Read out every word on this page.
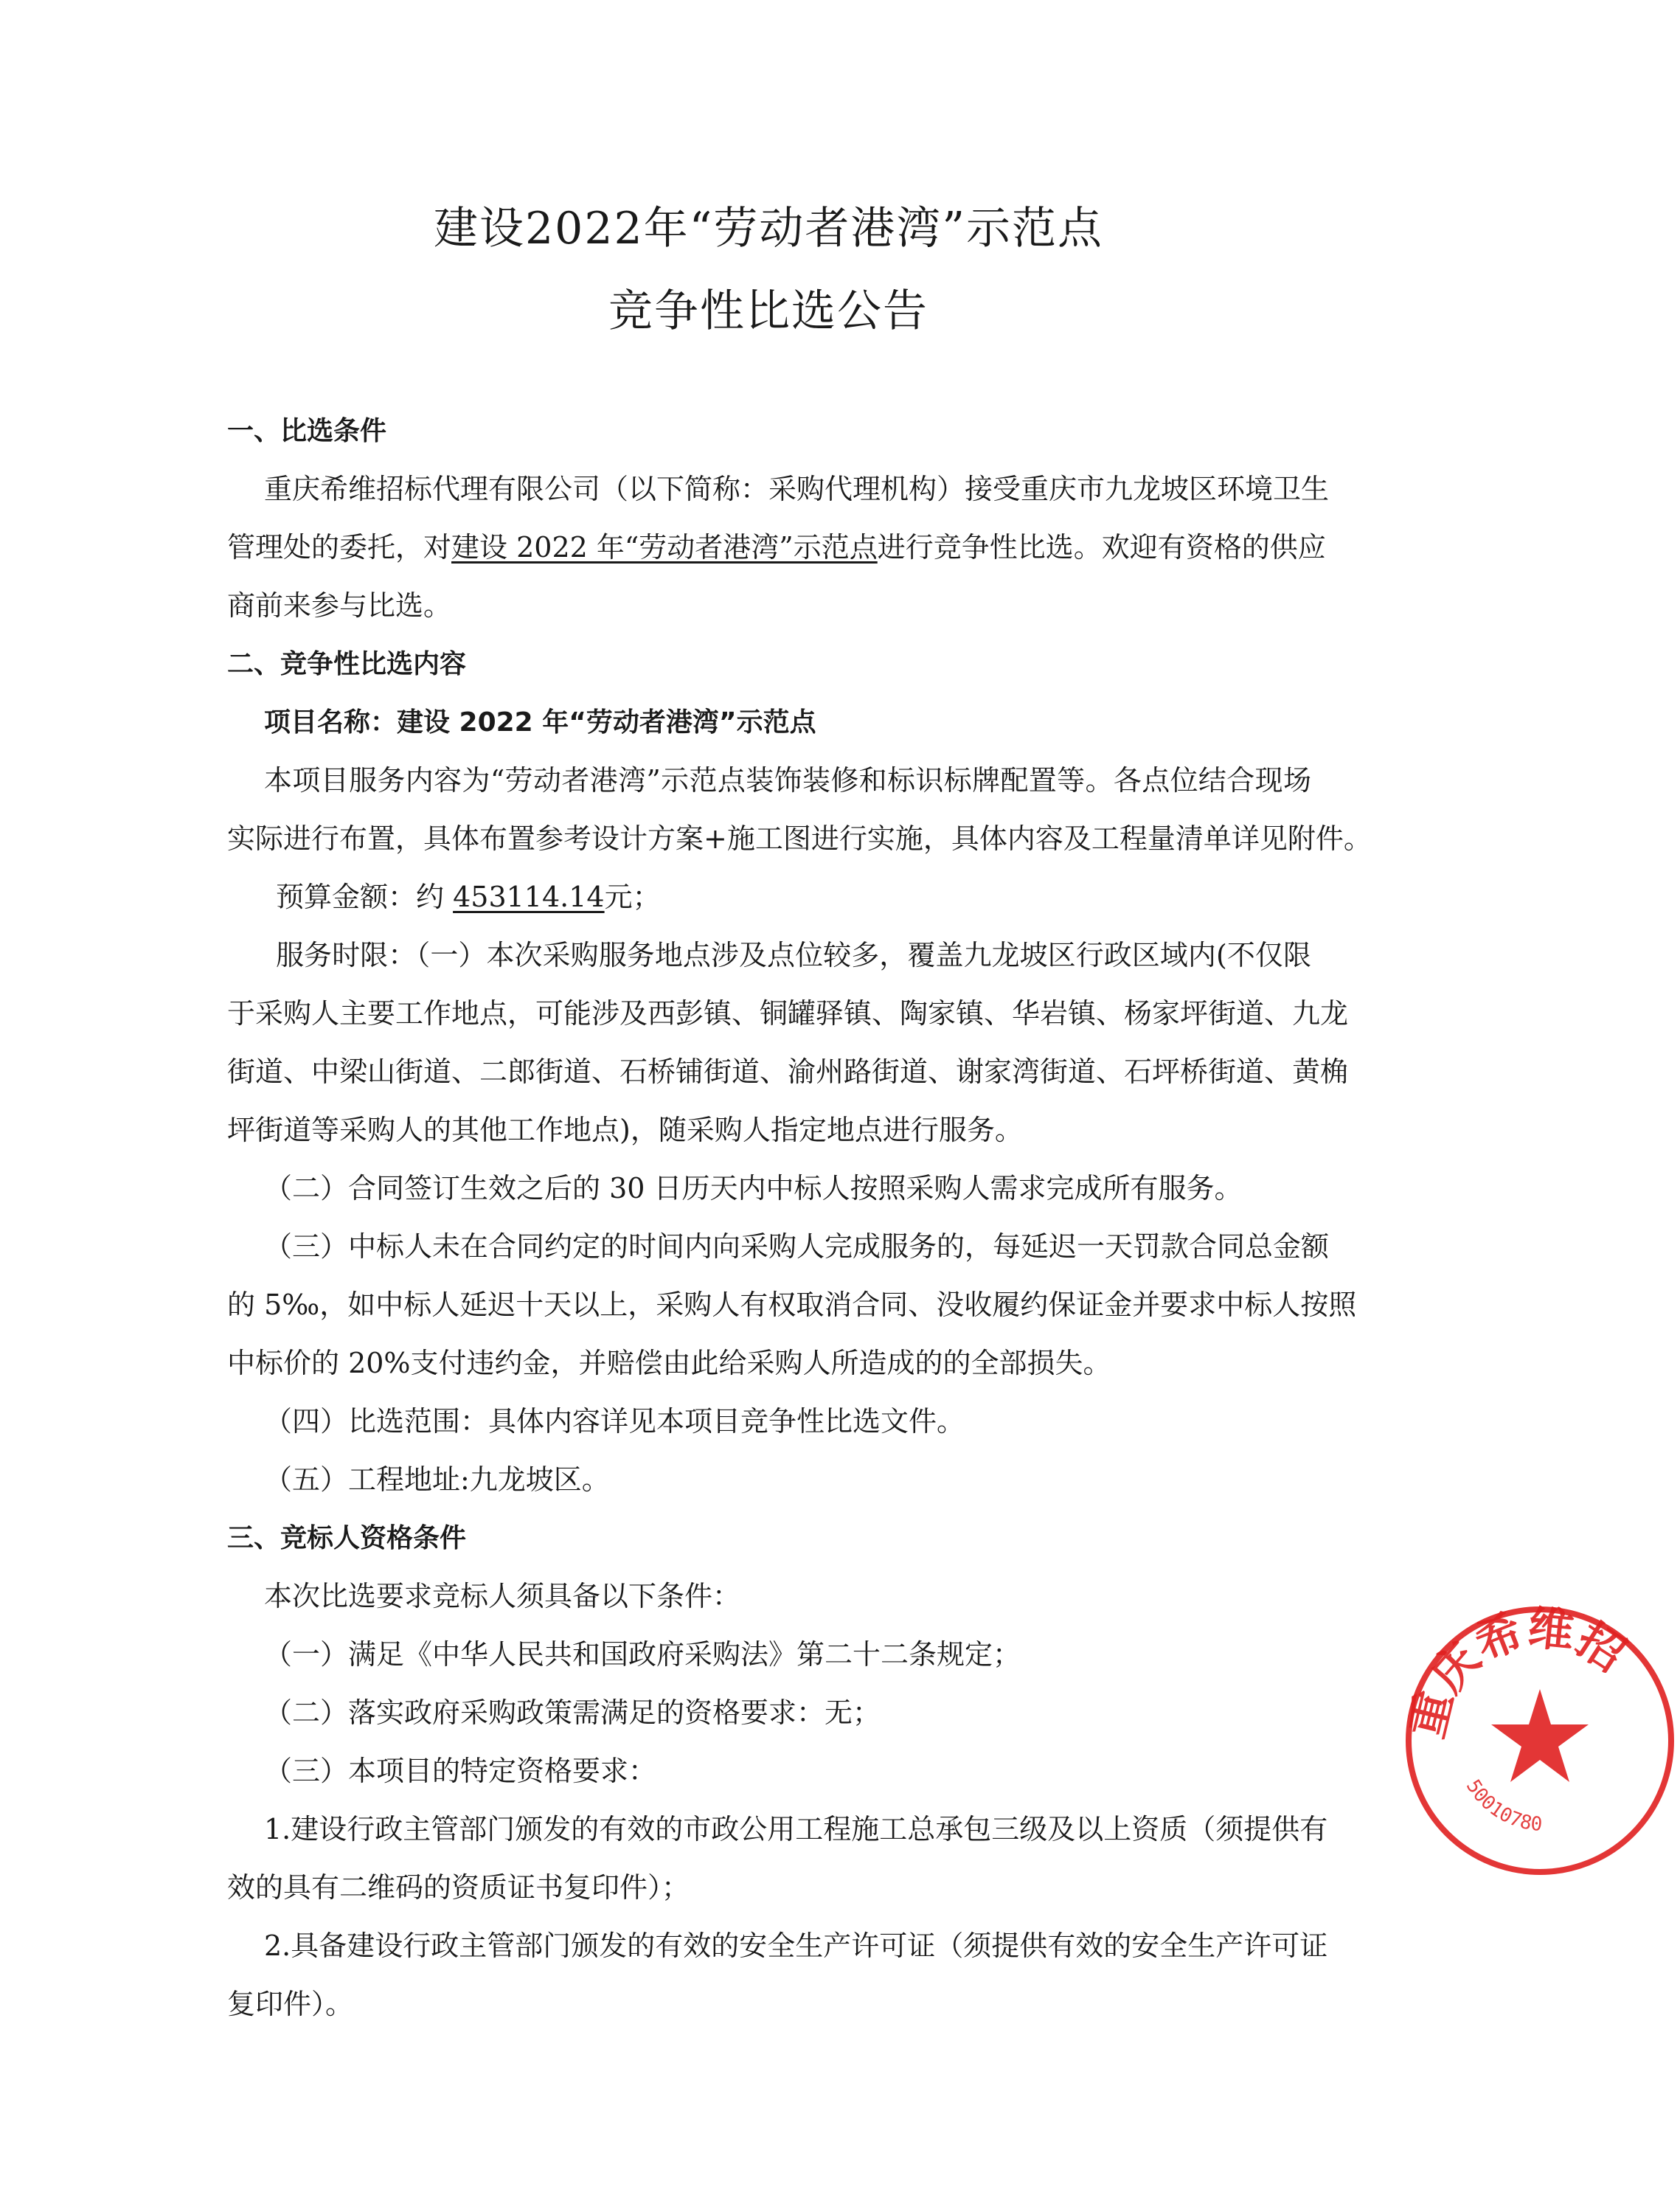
建设2022年“劳动者港湾”示范点
竞争性比选公告
一、比选条件
重庆希维招标代理有限公司（以下简称：采购代理机构）接受重庆市九龙坡区环境卫生
管理处的委托，对建设 2022 年“劳动者港湾”示范点进行竞争性比选。欢迎有资格的供应
商前来参与比选。
二、竞争性比选内容
项目名称：建设 2022 年“劳动者港湾”示范点
本项目服务内容为“劳动者港湾”示范点装饰装修和标识标牌配置等。各点位结合现场
实际进行布置，具体布置参考设计方案+施工图进行实施，具体内容及工程量清单详见附件。
预算金额：约 453114.14元；
服务时限：（一）本次采购服务地点涉及点位较多，覆盖九龙坡区行政区域内(不仅限
于采购人主要工作地点，可能涉及西彭镇、铜罐驿镇、陶家镇、华岩镇、杨家坪街道、九龙
街道、中梁山街道、二郎街道、石桥铺街道、渝州路街道、谢家湾街道、石坪桥街道、黄桷
坪街道等采购人的其他工作地点)，随采购人指定地点进行服务。
（二）合同签订生效之后的 30 日历天内中标人按照采购人需求完成所有服务。
（三）中标人未在合同约定的时间内向采购人完成服务的，每延迟一天罚款合同总金额
的 5‰，如中标人延迟十天以上，采购人有权取消合同、没收履约保证金并要求中标人按照
中标价的 20%支付违约金，并赔偿由此给采购人所造成的的全部损失。
（四）比选范围：具体内容详见本项目竞争性比选文件。
（五）工程地址:九龙坡区。
三、竞标人资格条件
本次比选要求竞标人须具备以下条件：
（一）满足《中华人民共和国政府采购法》第二十二条规定；
（二）落实政府采购政策需满足的资格要求：无；
（三）本项目的特定资格要求：
1.建设行政主管部门颁发的有效的市政公用工程施工总承包三级及以上资质（须提供有
效的具有二维码的资质证书复印件）；
2.具备建设行政主管部门颁发的有效的安全生产许可证（须提供有效的安全生产许可证
复印件）。
重庆希维招
50010780
